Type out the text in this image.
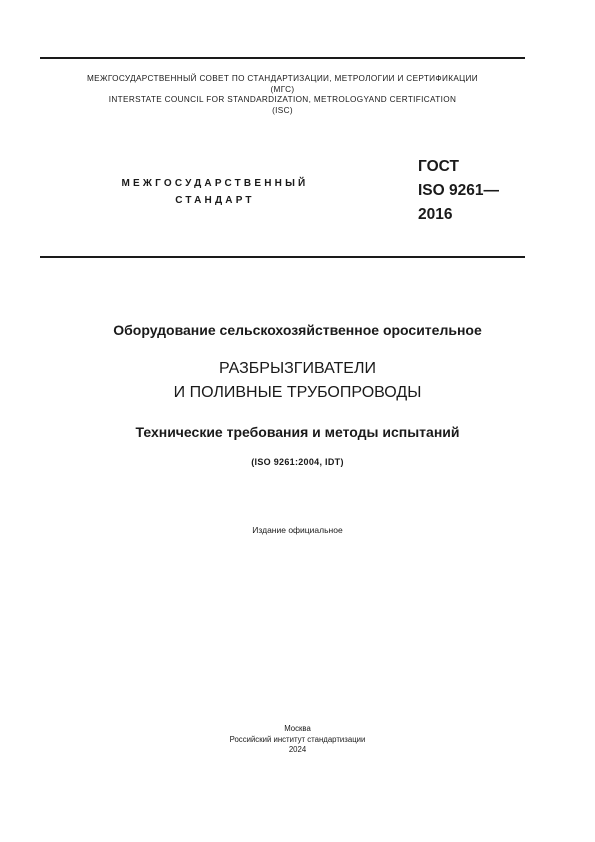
МЕЖГОСУДАРСТВЕННЫЙ СОВЕТ ПО СТАНДАРТИЗАЦИИ, МЕТРОЛОГИИ И СЕРТИФИКАЦИИ
(МГС)
INTERSTATE COUNCIL FOR STANDARDIZATION, METROLOGYAND CERTIFICATION
(ISC)
МЕЖГОСУДАРСТВЕННЫЙ
СТАНДАРТ
ГОСТ
ISO 9261—
2016
Оборудование сельскохозяйственное оросительное
РАЗБРЫЗГИВАТЕЛИ
И ПОЛИВНЫЕ ТРУБОПРОВОДЫ
Технические требования и методы испытаний
(ISO 9261:2004, IDT)
Издание официальное
Москва
Российский институт стандартизации
2024
